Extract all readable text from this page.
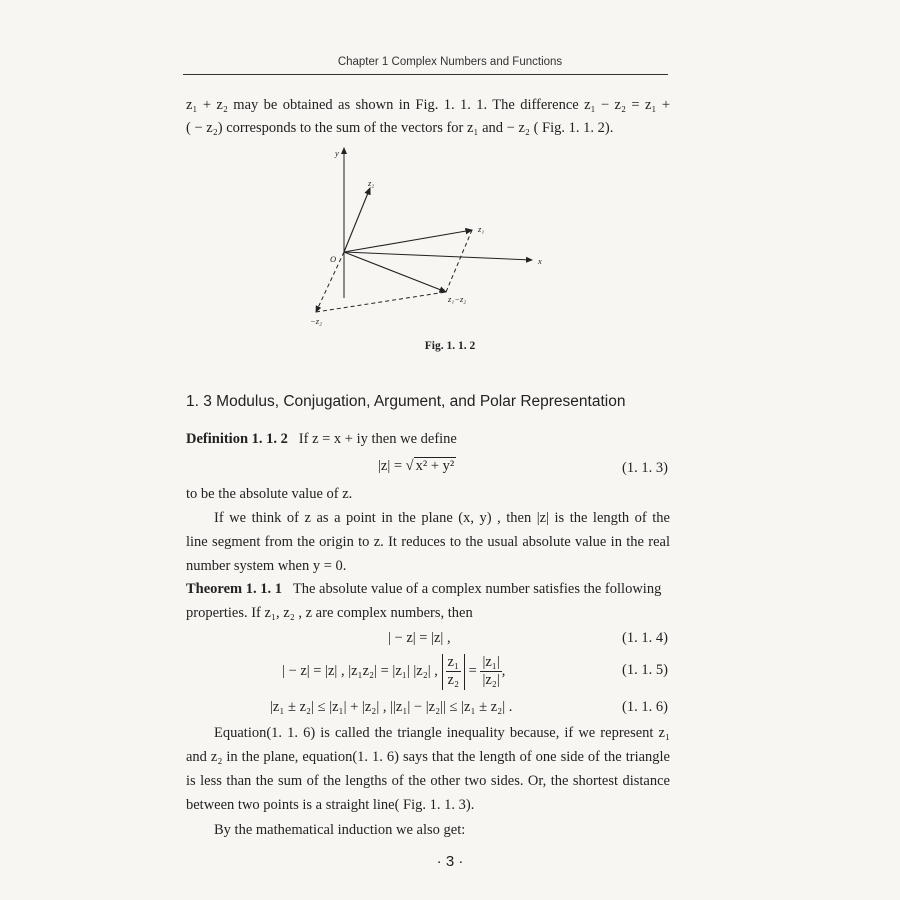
Chapter 1 Complex Numbers and Functions
z₁ + z₂ may be obtained as shown in Fig. 1. 1. 1. The difference z₁ − z₂ = z₁ +
( − z₂) corresponds to the sum of the vectors for z₁ and − z₂ ( Fig. 1. 1. 2).
y
x
O
z₁
z₂
z₁−z₂
−z₂
Fig. 1. 1. 2
1. 3 Modulus, Conjugation, Argument, and Polar Representation
Definition 1. 1. 2 If z = x + iy then we define
|z| = √ x² + y²	(1. 1. 3)
to be the absolute value of z.
If we think of z as a point in the plane (x, y) , then |z| is the length of the
line segment from the origin to z. It reduces to the usual absolute value in the real
number system when y = 0.
Theorem 1. 1. 1 The absolute value of a complex number satisfies the following
properties. If z₁, z₂ , z are complex numbers, then
| − z| = |z| ,	(1. 1. 4)
| − z| = |z| , |z₁z₂| = |z₁| |z₂| , $\frac{\text{z₁}}{\text{z₂}} = \frac{\text{|z₁|}}{\text{|z₂|}}$ ,	(1. 1. 5)
|z₁ ± z₂| ≤ |z₁| + |z₂| , ||z₁| − |z₂|| ≤ |z₁ ± z₂| .	(1. 1. 6)
Equation(1. 1. 6) is called the triangle inequality because, if we represent z₁
and z₂ in the plane, equation(1. 1. 6) says that the length of one side of the triangle
is less than the sum of the lengths of the other two sides. Or, the shortest distance
between two points is a straight line( Fig. 1. 1. 3).
By the mathematical induction we also get:
· 3 ·
